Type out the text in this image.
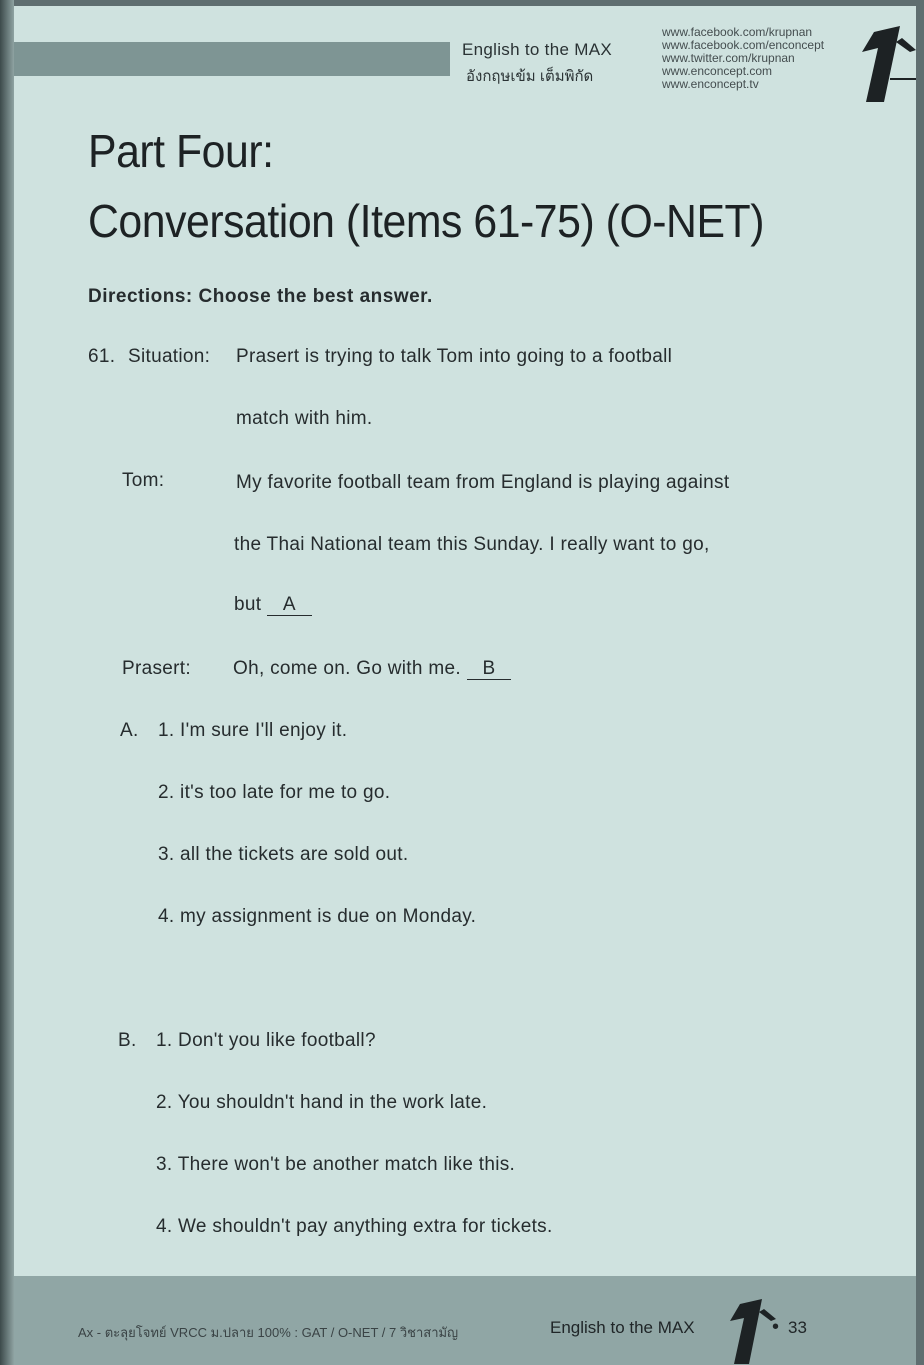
English to the MAX
อังกฤษเข้ม เต็มพิกัด
www.facebook.com/krupnan
www.facebook.com/enconcept
www.twitter.com/krupnan
www.enconcept.com
www.enconcept.tv
Part Four:
Conversation (Items 61-75) (O-NET)
Directions: Choose the best answer.
61. Situation: Prasert is trying to talk Tom into going to a football
match with him.
Tom:	My favorite football team from England is playing against
the Thai National team this Sunday. I really want to go,
but A
Prasert: Oh, come on. Go with me. B
A. 1. I'm sure I'll enjoy it.
2. it's too late for me to go.
3. all the tickets are sold out.
4. my assignment is due on Monday.
B. 1. Don't you like football?
2. You shouldn't hand in the work late.
3. There won't be another match like this.
4. We shouldn't pay anything extra for tickets.
Ax - ตะลุยโจทย์ VRCC ม.ปลาย 100% : GAT / O-NET / 7 วิชาสามัญ	English to the MAX	• 33
